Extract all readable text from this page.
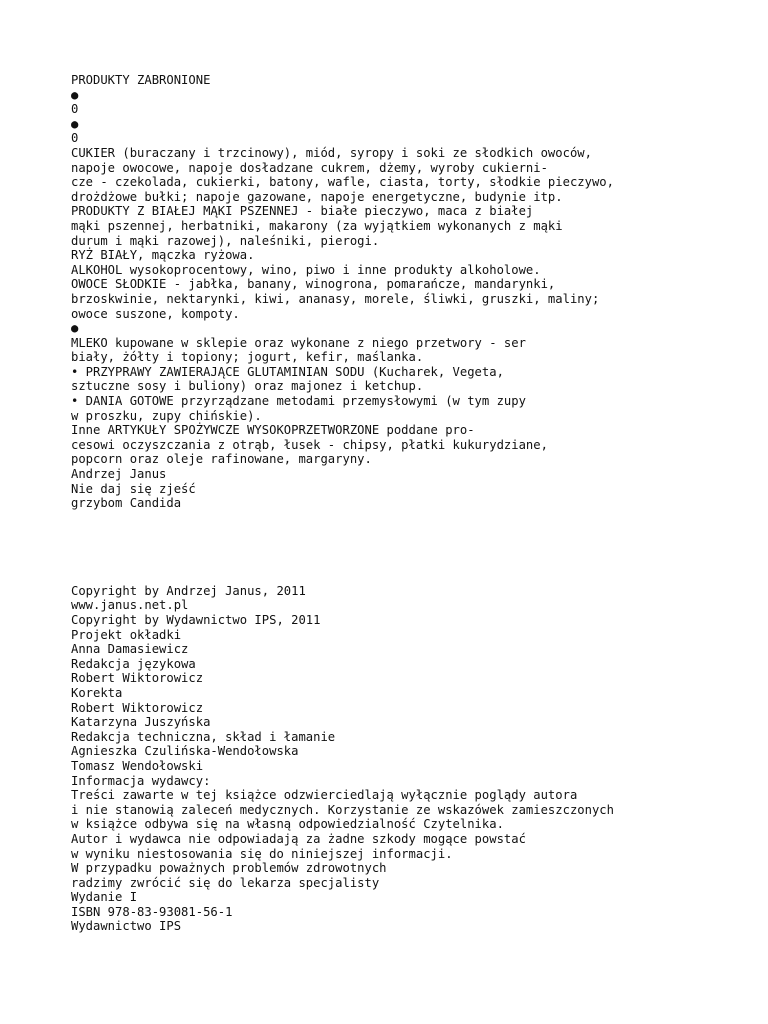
PRODUKTY ZABRONIONE
●
0
●
0
CUKIER (buraczany i trzcinowy), miód, syropy i soki ze słodkich owoców,
napoje owocowe, napoje dosładzane cukrem, dżemy, wyroby cukierni-
cze - czekolada, cukierki, batony, wafle, ciasta, torty, słodkie pieczywo,
drożdżowe bułki; napoje gazowane, napoje energetyczne, budynie itp.
PRODUKTY Z BIAŁEJ MĄKI PSZENNEJ - białe pieczywo, maca z białej
mąki pszennej, herbatniki, makarony (za wyjątkiem wykonanych z mąki
durum i mąki razowej), naleśniki, pierogi.
RYŻ BIAŁY, mączka ryżowa.
ALKOHOL wysokoprocentowy, wino, piwo i inne produkty alkoholowe.
OWOCE SŁODKIE - jabłka, banany, winogrona, pomarańcze, mandarynki,
brzoskwinie, nektarynki, kiwi, ananasy, morele, śliwki, gruszki, maliny;
owoce suszone, kompoty.
●
MLEKO kupowane w sklepie oraz wykonane z niego przetwory - ser
biały, żółty i topiony; jogurt, kefir, maślanka.
• PRZYPRAWY ZAWIERAJĄCE GLUTAMINIAN SODU (Kucharek, Vegeta,
sztuczne sosy i buliony) oraz majonez i ketchup.
• DANIA GOTOWE przyrządzane metodami przemysłowymi (w tym zupy
w proszku, zupy chińskie).
Inne ARTYKUŁY SPOŻYWCZE WYSOKOPRZETWORZONE poddane pro-
cesowi oczyszczania z otrąb, łusek - chipsy, płatki kukurydziane,
popcorn oraz oleje rafinowane, margaryny.
Andrzej Janus
Nie daj się zjeść
grzybom Candida
Copyright by Andrzej Janus, 2011
www.janus.net.pl
Copyright by Wydawnictwo IPS, 2011
Projekt okładki
Anna Damasiewicz
Redakcja językowa
Robert Wiktorowicz
Korekta
Robert Wiktorowicz
Katarzyna Juszyńska
Redakcja techniczna, skład i łamanie
Agnieszka Czulińska-Wendołowska
Tomasz Wendołowski
Informacja wydawcy:
Treści zawarte w tej książce odzwierciedlają wyłącznie poglądy autora
i nie stanowią zaleceń medycznych. Korzystanie ze wskazówek zamieszczonych
w książce odbywa się na własną odpowiedzialność Czytelnika.
Autor i wydawca nie odpowiadają za żadne szkody mogące powstać
w wyniku niestosowania się do niniejszej informacji.
W przypadku poważnych problemów zdrowotnych
radzimy zwrócić się do lekarza specjalisty
Wydanie I
ISBN 978-83-93081-56-1
Wydawnictwo IPS
